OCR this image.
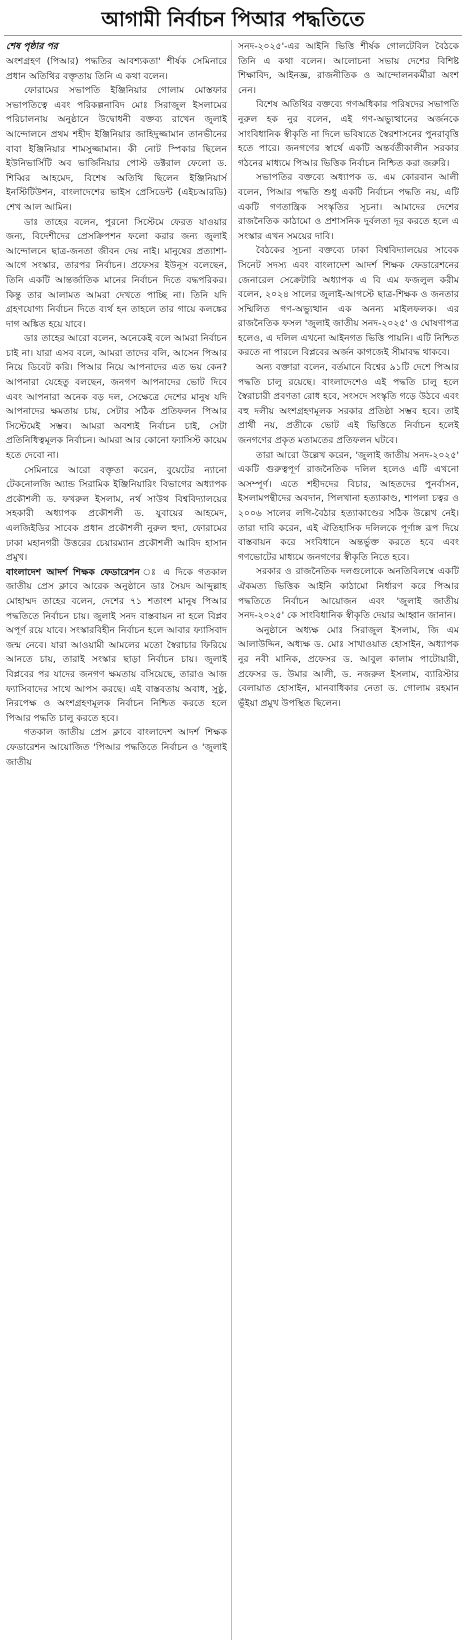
আগামী নির্বাচন পিআর পদ্ধতিতে
শেষ পৃষ্ঠার পর

অংশগ্রহণ (পিআর) পদ্ধতির আবশ্যকতা' শীর্ষক সেমিনারে প্রধান অতিথির বক্তৃতায় তিনি এ কথা বলেন।

ফোরামের সভাপতি ইঞ্জিনিয়ার গোলাম মোস্তফার সভাপতিত্বে এবং পরিকল্পনাবিদ মোঃ সিরাজুল ইসলামের পরিচালনায় অনুষ্ঠানে উদ্বোধনী বক্তব্য রাখেন জুলাই আন্দোলনে প্রথম শহীদ ইঞ্জিনিয়ার জাহিদুজ্জামান তানভীনের বাবা ইঞ্জিনিয়ার শামসুজ্জামান। কী নোট স্পিকার ছিলেন ইউনিভার্সিটি অব ভার্জিনিয়ার পোস্ট ডক্টরাল ফেলো ড. শিব্বির আহমেদ, বিশেষ অতিথি ছিলেন ইঞ্জিনিয়ার্স ইনস্টিটিউশন, বাংলাদেশের ভাইস প্রেসিডেন্ট (এইচআরডি) শেখ আল আমিন।

ডাঃ তাহের বলেন, পুরনো সিস্টেমে ফেরত যাওয়ার জন্য, বিদেশীদের প্রেসক্রিপশন ফলো করার জন্য জুলাই আন্দোলনে ছাত্র-জনতা জীবন দেয় নাই। মানুষের প্রত্যাশা- আগে সংস্কার, তারপর নির্বাচন। প্রফেসর ইউনূস বলেছেন, তিনি একটি আন্তর্জাতিক মানের নির্বাচন দিতে বদ্ধপরিকর। কিন্তু তার আলামত আমরা দেখতে পাচ্ছি না। তিনি যদি গ্রহণযোগ্য নির্বাচন দিতে ব্যর্থ হন তাহলে তার গায়ে কলঙ্কের দাগ অঙ্কিত হয়ে যাবে।

ডাঃ তাহের আরো বলেন, অনেকেই বলে আমরা নির্বাচন চাই না। যারা এসব বলে, আমরা তাদের বলি, আসেন পিআর নিয়ে ডিবেট করি। পিআর নিয়ে আপনাদের এত ভয় কেন? আপনারা যেহেতু বলছেন, জনগণ আপনাদের ভোট দিবে এবং আপনারা অনেক বড় দল, সেক্ষেত্রে দেশের মানুষ যদি আপনাদের ক্ষমতায় চায়, সেটার সঠিক প্রতিফলন পিআর সিস্টেমেই সম্ভব। আমরা অবশ্যই নির্বাচন চাই, সেটা প্রতিনিধিত্বমূলক নির্বাচন। আমরা আর কোনো ফ্যাসিস্ট কায়েম হতে দেবো না।

সেমিনারে আরো বক্তৃতা করেন, বুয়েটের ন্যানো টেকনোলজি অ্যান্ড সিরামিক ইঞ্জিনিয়ারিং বিভাগের অধ্যাপক প্রকৌশলী ড. ফখরুল ইসলাম, নর্থ সাউথ বিশ্ববিদ্যালয়ের সহকারী অধ্যাপক প্রকৌশলী ড. যুবায়ের আহমেদ, এলজিইডির সাবেক প্রধান প্রকৌশলী নুরুল হুদা, ফোরামের ঢাকা মহানগরী উত্তরের চেয়ারম্যান প্রকৌশলী আবিদ হাসান প্রমুখ।

বাংলাদেশ আদর্শ শিক্ষক ফেডারেশন ঃ এ দিকে গতকাল জাতীয় প্রেস ক্লাবে আরেক অনুষ্ঠানে ডাঃ সৈয়দ আব্দুল্লাহ মোহাম্মদ তাহের বলেন, দেশের ৭১ শতাংশ মানুষ পিআর পদ্ধতিতে নির্বাচন চায়। জুলাই সনদ বাস্তবায়ন না হলে বিপ্লব অপূর্ণ রয়ে যাবে। সংস্কারবিহীন নির্বাচন হলে আবার ফ্যাসিবাদ জন্ম নেবে। যারা আওয়ামী আমলের মতো স্বৈরাচার ফিরিয়ে আনতে চায়, তারাই সংস্কার ছাড়া নির্বাচন চায়। জুলাই বিপ্লবের পর যাদের জনগণ ক্ষমতায় বসিয়েছে, তারাও আজ ফ্যাসিবাদের সাথে আপস করছে। এই বাস্তবতায় অবাধ, সুষ্ঠু, নিরপেক্ষ ও অংশগ্রহণমূলক নির্বাচন নিশ্চিত করতে হলে পিআর পদ্ধতি চালু করতে হবে।

গতকাল জাতীয় প্রেস ক্লাবে বাংলাদেশ আদর্শ শিক্ষক ফেডারেশন আয়োজিত 'পিআর পদ্ধতিতে নির্বাচন ও 'জুলাই জাতীয়

সনদ-২০২৫'-এর আইনি ভিত্তি শীর্ষক গোলটেবিল বৈঠকে তিনি এ কথা বলেন। আলোচনা সভায় দেশের বিশিষ্ট শিক্ষাবিদ, আইনজ্ঞ, রাজনীতিক ও আন্দোলনকর্মীরা অংশ নেন।

বিশেষ অতিথির বক্তব্যে গণঅধিকার পরিষদের সভাপতি নুরুল হক নুর বলেন, এই গণ-অভ্যুত্থানের অর্জনকে সাংবিধানিক স্বীকৃতি না দিলে ভবিষ্যতে স্বৈরশাসনের পুনরাবৃত্তি হতে পারে। জনগণের স্বার্থে একটি অন্তর্বর্তীকালীন সরকার গঠনের মাধ্যমে পিআর ভিত্তিক নির্বাচন নিশ্চিত করা জরুরি।

সভাপতির বক্তব্যে অধ্যাপক ড. এম কোরবান আলী বলেন, পিআর পদ্ধতি শুধু একটি নির্বাচন পদ্ধতি নয়, এটি একটি গণতান্ত্রিক সংস্কৃতির সূচনা। আমাদের দেশের রাজনৈতিক কাঠামো ও প্রশাসনিক দুর্বলতা দূর করতে হলে এ সংস্কার এখন সময়ের দাবি।

বৈঠকের সূচনা বক্তব্যে ঢাকা বিশ্ববিদ্যালয়ের সাবেক সিনেট সদস্য এবং বাংলাদেশ আদর্শ শিক্ষক ফেডারেশনের জেনারেল সেক্রেটারি অধ্যাপক এ বি এম ফজলুল করীম বলেন, ২০২৪ সালের জুলাই-আগস্টে ছাত্র-শিক্ষক ও জনতার সম্মিলিত গণ-অভ্যুত্থান এক অনন্য মাইলফলক। এর রাজনৈতিক ফসল 'জুলাই জাতীয় সনদ-২০২৫' ও ঘোষণাপত্র হলেও, এ দলিল এখনো আইনগত ভিত্তি পায়নি। এটি নিশ্চিত করতে না পারলে বিপ্লবের অর্জন কাগজেই সীমাবদ্ধ থাকবে।

অন্য বক্তারা বলেন, বর্তমানে বিশ্বের ৯১টি দেশে পিআর পদ্ধতি চালু রয়েছে। বাংলাদেশেও এই পদ্ধতি চালু হলে স্বৈরাচারী প্রবণতা রোধ হবে, সংসদে সংস্কৃতি গড়ে উঠবে এবং বহু দলীয় অংশগ্রহণমূলক সরকার প্রতিষ্ঠা সম্ভব হবে। তাই প্রার্থী নয়, প্রতীকে ভোট এই ভিত্তিতে নির্বাচন হলেই জনগণের প্রকৃত মতামতের প্রতিফলন ঘটবে।

তারা আরো উল্লেখ করেন, 'জুলাই জাতীয় সনদ-২০২৫' একটি গুরুত্বপূর্ণ রাজনৈতিক দলিল হলেও এটি এখনো অসম্পূর্ণ। এতে শহীদদের বিচার, আহতদের পুনর্বাসন, ইসলামপন্থীদের অবদান, পিলখানা হত্যাকাণ্ড, শাপলা চত্বর ও ২০০৬ সালের লগি-বৈঠার হত্যাকাণ্ডের সঠিক উল্লেখ নেই। তারা দাবি করেন, এই ঐতিহাসিক দলিলকে পূর্ণাঙ্গ রূপ দিয়ে বাস্তবায়ন করে সংবিধানে অন্তর্ভুক্ত করতে হবে এবং গণভোটের মাধ্যমে জনগণের স্বীকৃতি নিতে হবে।

সরকার ও রাজনৈতিক দলগুলোকে অনতিবিলম্বে একটি ঐকমত্য ভিত্তিক আইনি কাঠামো নির্ধারণ করে পিআর পদ্ধতিতে নির্বাচন আয়োজন এবং 'জুলাই জাতীয় সনদ-২০২৫' কে সাংবিধানিক স্বীকৃতি দেয়ার আহ্বান জানান।

অনুষ্ঠানে অধ্যক্ষ মোঃ সিরাজুল ইসলাম, জি এম আলাউদ্দিন, অধ্যক্ষ ড. মোঃ সাখাওয়াত হোসাইন, অধ্যাপক নুর নবী মানিক, প্রফেসর ড. আবুল কালাম পাটোয়ারী, প্রফেসর ড. উমার আলী, ড. নজরুল ইসলাম, ব্যারিস্টার বেলায়াত হোসাইন, মানবাধিকার নেতা ড. গোলাম রহমান ভূঁইয়া প্রমুখ উপস্থিত ছিলেন।
